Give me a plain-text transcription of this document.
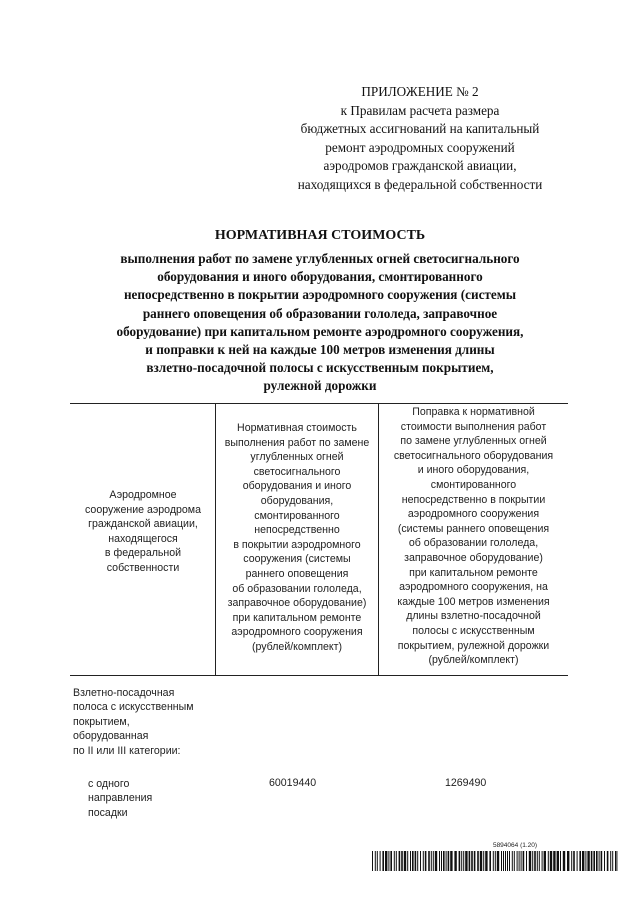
ПРИЛОЖЕНИЕ № 2
к Правилам расчета размера
бюджетных ассигнований на капитальный
ремонт аэродромных сооружений
аэродромов гражданской авиации,
находящихся в федеральной собственности
НОРМАТИВНАЯ СТОИМОСТЬ
выполнения работ по замене углубленных огней светосигнального
оборудования и иного оборудования, смонтированного
непосредственно в покрытии аэродромного сооружения (системы
раннего оповещения об образовании гололеда, заправочное
оборудование) при капитальном ремонте аэродромного сооружения,
и поправки к ней на каждые 100 метров изменения длины
взлетно-посадочной полосы с искусственным покрытием,
рулежной дорожки
Аэродромное
сооружение аэродрома
гражданской авиации,
находящегося
в федеральной
собственности
Нормативная стоимость
выполнения работ по замене
углубленных огней
светосигнального
оборудования и иного
оборудования,
смонтированного
непосредственно
в покрытии аэродромного
сооружения (системы
раннего оповещения
об образовании гололеда,
заправочное оборудование)
при капитальном ремонте
аэродромного сооружения
(рублей/комплект)
Поправка к нормативной
стоимости выполнения работ
по замене углубленных огней
светосигнального оборудования
и иного оборудования,
смонтированного
непосредственно в покрытии
аэродромного сооружения
(системы раннего оповещения
об образовании гололеда,
заправочное оборудование)
при капитальном ремонте
аэродромного сооружения, на
каждые 100 метров изменения
длины взлетно-посадочной
полосы с искусственным
покрытием, рулежной дорожки
(рублей/комплект)
Взлетно-посадочная
полоса с искусственным
покрытием,
оборудованная
по II или III категории:
с одного
направления
посадки
60019440	1269490
5894064 (1.20)
